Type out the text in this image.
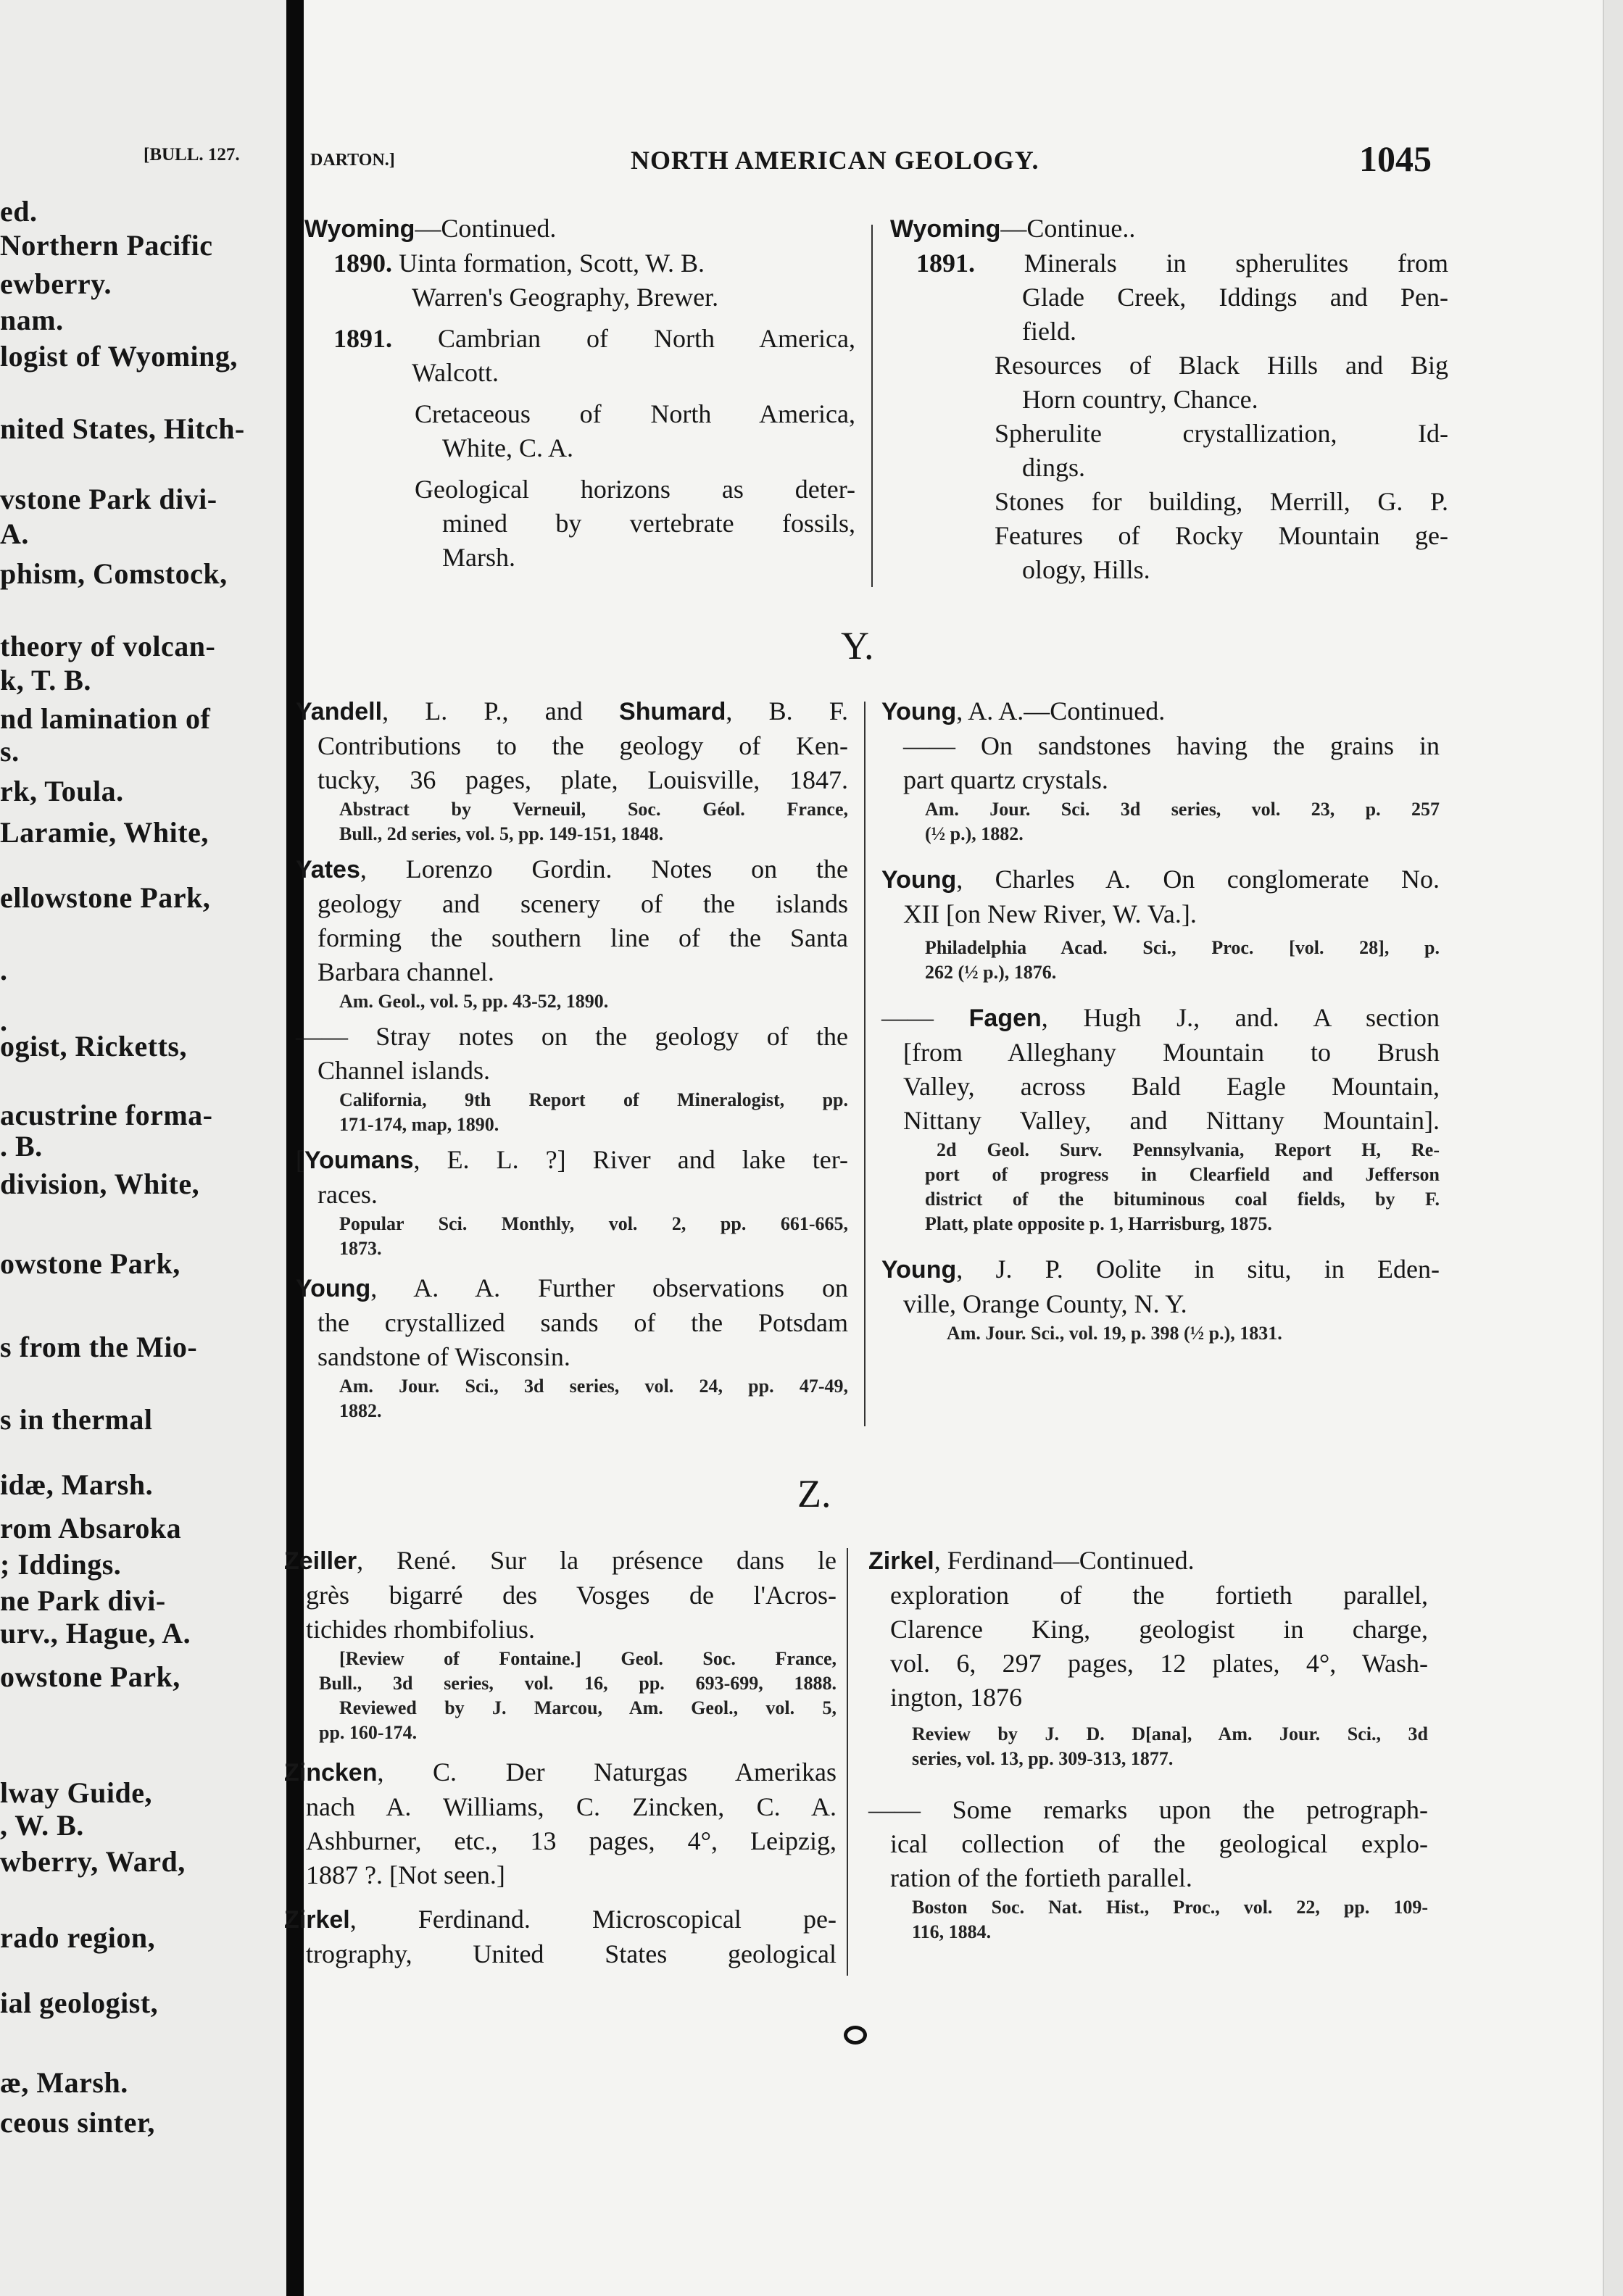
[BULL. 127.
ed.
Northern Pacific
ewberry.
nam.
logist of Wyoming,
nited States, Hitch-
vstone Park divi-
A.
phism, Comstock,
theory of volcan-
k, T. B.
nd lamination of
s.
rk, Toula.
Laramie, White,
ellowstone Park,
.
.
ogist, Ricketts,
acustrine forma-
. B.
division, White,
owstone Park,
s from the Mio-
s in thermal
idæ, Marsh.
rom Absaroka
; Iddings.
ne Park divi-
urv., Hague, A.
owstone Park,
lway Guide,
, W. B.
wberry, Ward,
rado region,
ial geologist,
æ, Marsh.
ceous sinter,
DARTON.]	NORTH AMERICAN GEOLOGY.	1045

Wyoming—Continued.

1890. Uinta formation, Scott, W. B.

Warren's Geography, Brewer.

1891. Cambrian of North America,

Walcott.

Cretaceous of North America,

White, C. A.

Geological horizons as deter-

mined by vertebrate fossils,

Marsh.

Wyoming—Continue..

1891. Minerals in spherulites from

Glade Creek, Iddings and Pen-

field.

Resources of Black Hills and Big

Horn country, Chance.

Spherulite crystallization, Id-

dings.

Stones for building, Merrill, G. P.

Features of Rocky Mountain ge-

ology, Hills.

Y.

Yandell, L. P., and Shumard, B. F.

Contributions to the geology of Ken-

tucky, 36 pages, plate, Louisville, 1847.

Abstract by Verneuil, Soc. Géol. France,

Bull., 2d series, vol. 5, pp. 149-151, 1848.

Yates, Lorenzo Gordin. Notes on the

geology and scenery of the islands

forming the southern line of the Santa

Barbara channel.

Am. Geol., vol. 5, pp. 43-52, 1890.

—— Stray notes on the geology of the

Channel islands.

California, 9th Report of Mineralogist, pp.

171-174, map, 1890.

[Youmans, E. L. ?] River and lake ter-

races.

Popular Sci. Monthly, vol. 2, pp. 661-665,

1873.

Young, A. A. Further observations on

the crystallized sands of the Potsdam

sandstone of Wisconsin.

Am. Jour. Sci., 3d series, vol. 24, pp. 47-49,

1882.

Young, A. A.—Continued.

—— On sandstones having the grains in

part quartz crystals.

Am. Jour. Sci. 3d series, vol. 23, p. 257

(½ p.), 1882.

Young, Charles A. On conglomerate No.

XII [on New River, W. Va.].

Philadelphia Acad. Sci., Proc. [vol. 28], p.

262 (½ p.), 1876.

—— Fagen, Hugh J., and. A section

[from Alleghany Mountain to Brush

Valley, across Bald Eagle Mountain,

Nittany Valley, and Nittany Mountain].

2d Geol. Surv. Pennsylvania, Report H, Re-

port of progress in Clearfield and Jefferson

district of the bituminous coal fields, by F.

Platt, plate opposite p. 1, Harrisburg, 1875.

Young, J. P. Oolite in situ, in Eden-

ville, Orange County, N. Y.

Am. Jour. Sci., vol. 19, p. 398 (½ p.), 1831.

Z.

Zeiller, René. Sur la présence dans le

grès bigarré des Vosges de l'Acros-

tichides rhombifolius.

[Review of Fontaine.] Geol. Soc. France,

Bull., 3d series, vol. 16, pp. 693-699, 1888.

Reviewed by J. Marcou, Am. Geol., vol. 5,

pp. 160-174.

Zincken, C. Der Naturgas Amerikas

nach A. Williams, C. Zincken, C. A.

Ashburner, etc., 13 pages, 4°, Leipzig,

1887 ?. [Not seen.]

Zirkel, Ferdinand. Microscopical pe-

trography, United States geological

Zirkel, Ferdinand—Continued.

exploration of the fortieth parallel,

Clarence King, geologist in charge,

vol. 6, 297 pages, 12 plates, 4°, Wash-

ington, 1876

Review by J. D. D[ana], Am. Jour. Sci., 3d

series, vol. 13, pp. 309-313, 1877.

—— Some remarks upon the petrograph-

ical collection of the geological explo-

ration of the fortieth parallel.

Boston Soc. Nat. Hist., Proc., vol. 22, pp. 109-

116, 1884.
